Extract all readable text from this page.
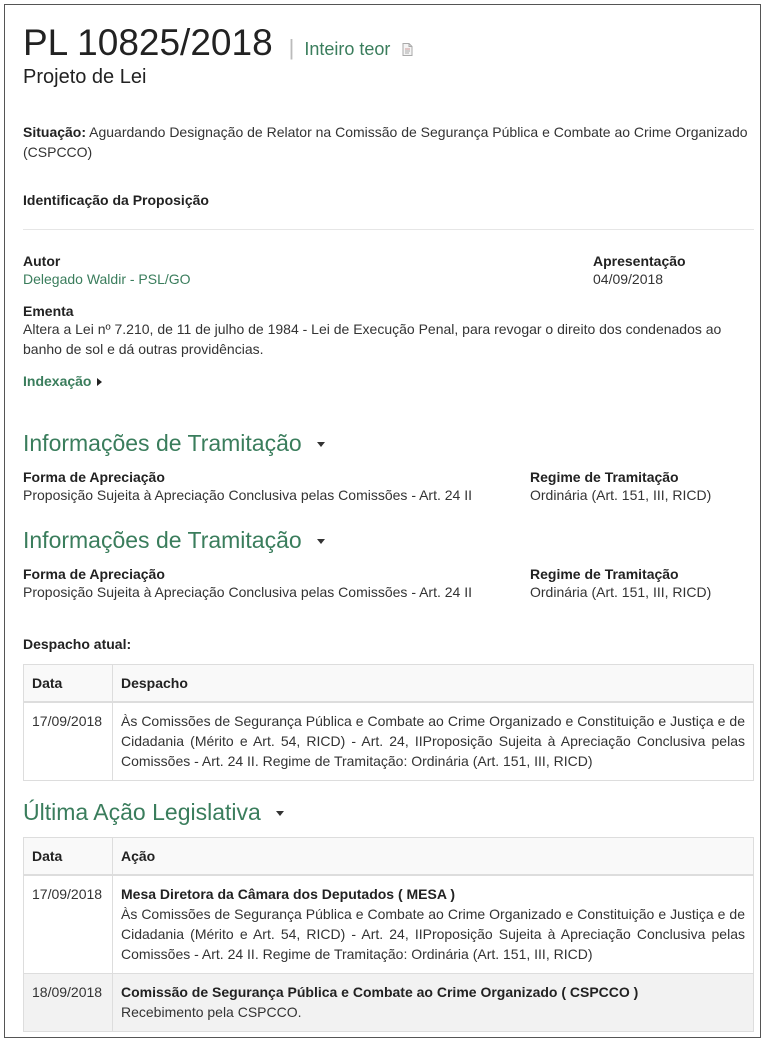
PL 10825/2018 | Inteiro teor
Projeto de Lei
Situação: Aguardando Designação de Relator na Comissão de Segurança Pública e Combate ao Crime Organizado (CSPCCO)
Identificação da Proposição
Autor
Delegado Waldir - PSL/GO
Apresentação
04/09/2018
Ementa
Altera a Lei nº 7.210, de 11 de julho de 1984 - Lei de Execução Penal, para revogar o direito dos condenados ao banho de sol e dá outras providências.
Indexação
Informações de Tramitação
Forma de Apreciação
Proposição Sujeita à Apreciação Conclusiva pelas Comissões - Art. 24 II
Regime de Tramitação
Ordinária (Art. 151, III, RICD)
Informações de Tramitação
Forma de Apreciação
Proposição Sujeita à Apreciação Conclusiva pelas Comissões - Art. 24 II
Regime de Tramitação
Ordinária (Art. 151, III, RICD)
Despacho atual:
Data	Despacho
17/09/2018	Às Comissões de Segurança Pública e Combate ao Crime Organizado e Constituição e Justiça e de Cidadania (Mérito e Art. 54, RICD) - Art. 24, IIProposição Sujeita à Apreciação Conclusiva pelas Comissões - Art. 24 II. Regime de Tramitação: Ordinária (Art. 151, III, RICD)
Última Ação Legislativa
Data	Ação
17/09/2018	Mesa Diretora da Câmara dos Deputados ( MESA )
Às Comissões de Segurança Pública e Combate ao Crime Organizado e Constituição e Justiça e de Cidadania (Mérito e Art. 54, RICD) - Art. 24, IIProposição Sujeita à Apreciação Conclusiva pelas Comissões - Art. 24 II. Regime de Tramitação: Ordinária (Art. 151, III, RICD)

18/09/2018	Comissão de Segurança Pública e Combate ao Crime Organizado ( CSPCCO )
Recebimento pela CSPCCO.
